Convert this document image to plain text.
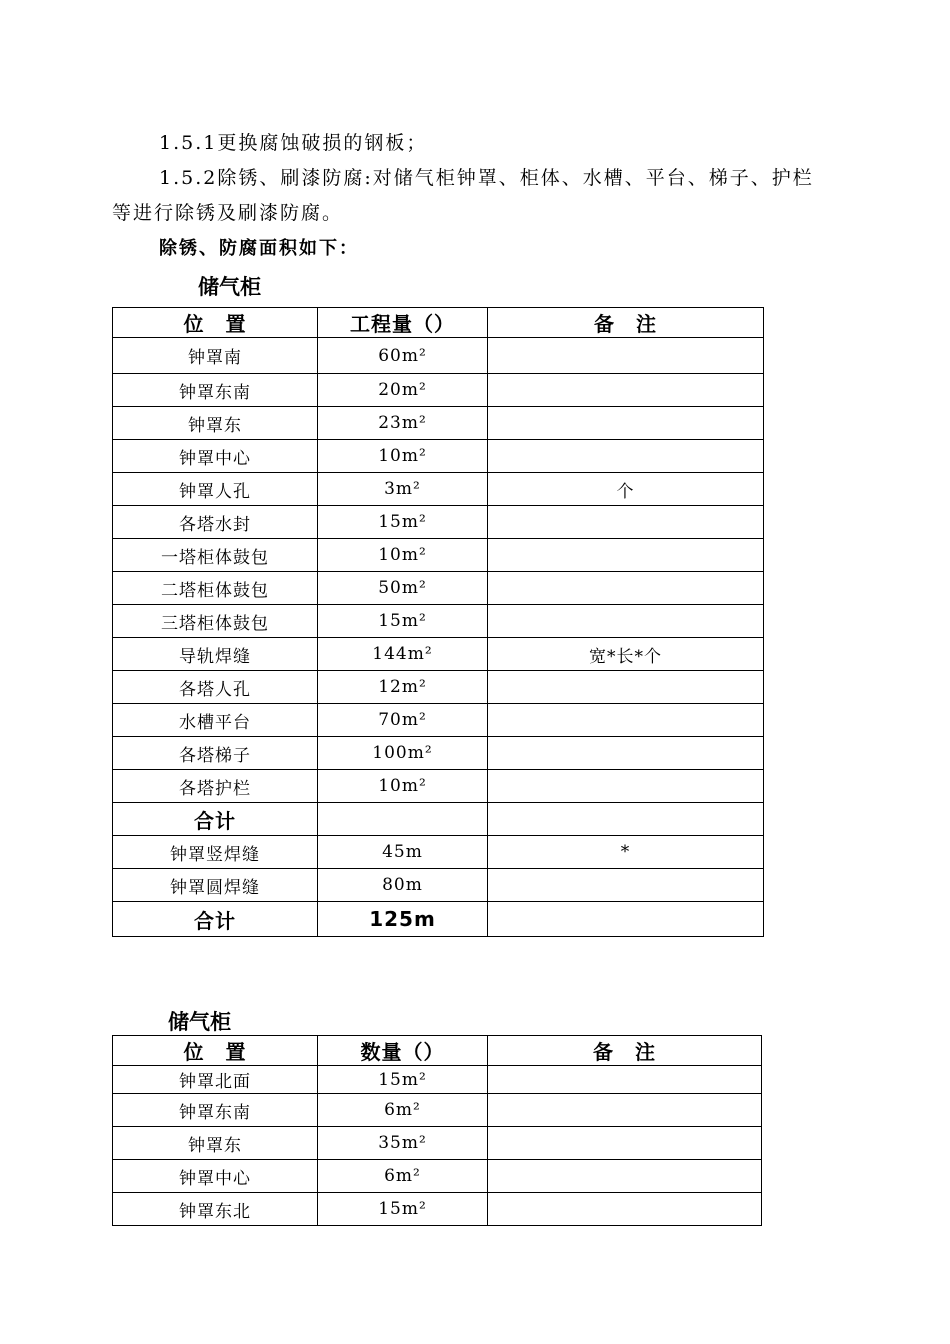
1.5.1更换腐蚀破损的钢板；

1.5.2除锈、刷漆防腐:对储气柜钟罩、柜体、水槽、平台、梯子、护栏等进行除锈及刷漆防腐。

除锈、防腐面积如下：

储气柜

位　置	工程量（）	备　注
钟罩南	60m²	
钟罩东南	20m²	
钟罩东	23m²	
钟罩中心	10m²	
钟罩人孔	3m²	个
各塔水封	15m²	
一塔柜体鼓包	10m²	
二塔柜体鼓包	50m²	
三塔柜体鼓包	15m²	
导轨焊缝	144m²	宽*长*个
各塔人孔	12m²	
水槽平台	70m²	
各塔梯子	100m²	
各塔护栏	10m²	
合计		
钟罩竖焊缝	45m	*
钟罩圆焊缝	80m	
合计	125m	

储气柜

位　置	数量（）	备　注
钟罩北面	15m²	
钟罩东南	6m²	
钟罩东	35m²	
钟罩中心	6m²	
钟罩东北	15m²	
